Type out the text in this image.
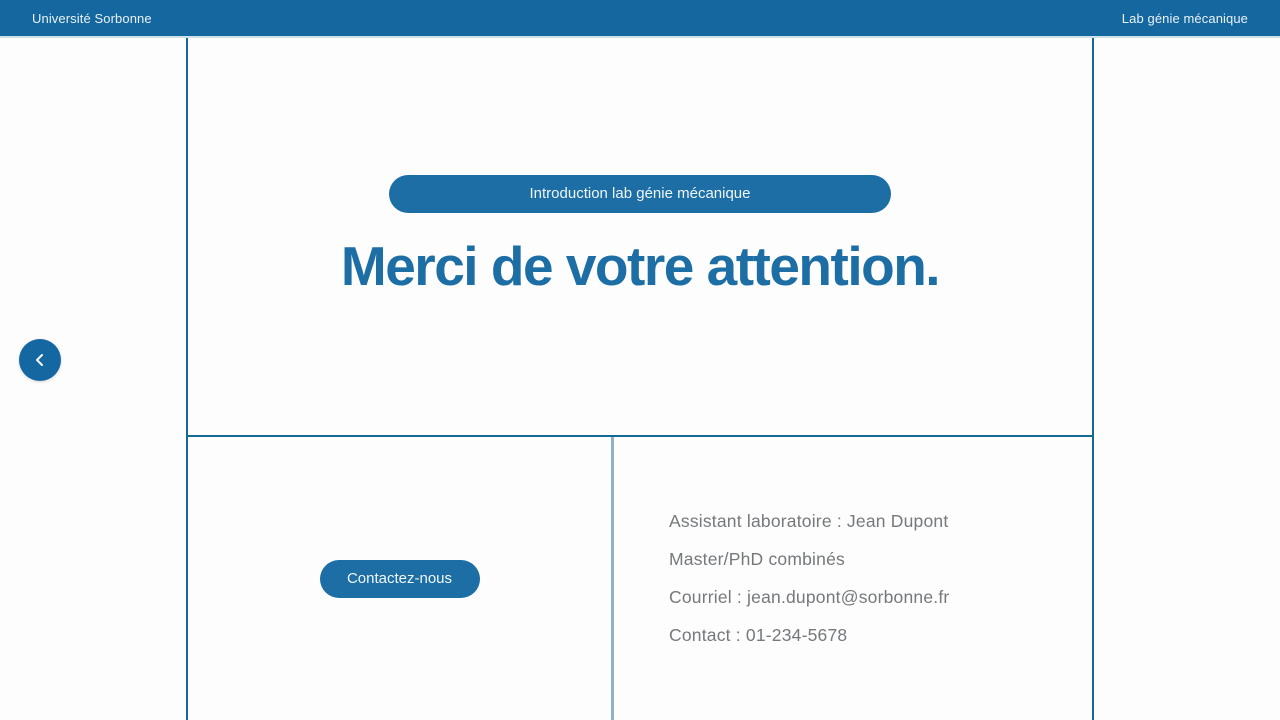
Université Sorbonne	Lab génie mécanique
Introduction lab génie mécanique
Merci de votre attention.
Contactez-nous

Assistant laboratoire : Jean Dupont

Master/PhD combinés

Courriel : jean.dupont@sorbonne.fr

Contact : 01-234-5678
